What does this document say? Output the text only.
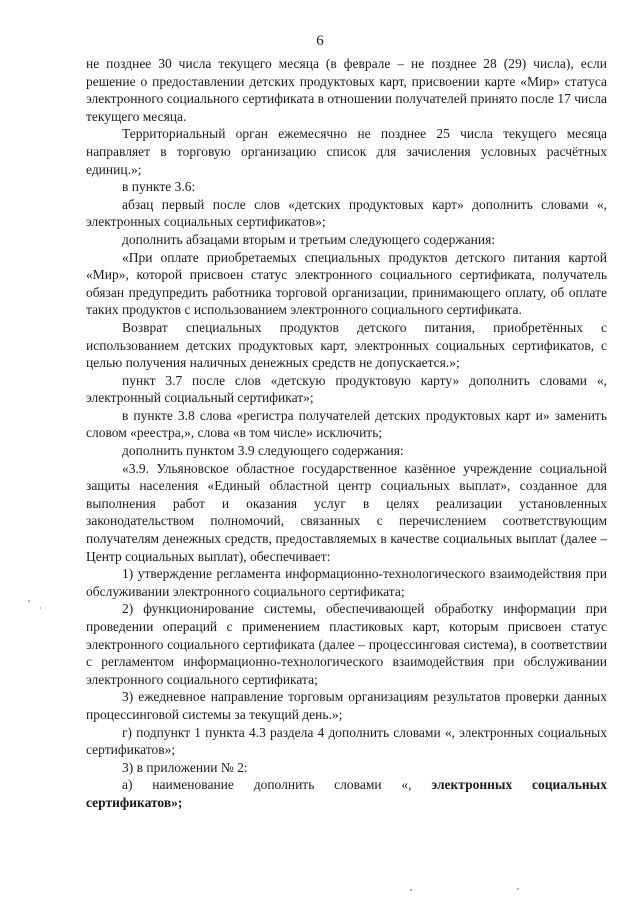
6

не позднее 30 числа текущего месяца (в феврале – не позднее 28 (29) числа), если решение о предоставлении детских продуктовых карт, присвоении карте «Мир» статуса электронного социального сертификата в отношении получателей принято после 17 числа текущего месяца.

Территориальный орган ежемесячно не позднее 25 числа текущего месяца направляет в торговую организацию список для зачисления условных расчётных единиц.»;

в пункте 3.6:

абзац первый после слов «детских продуктовых карт» дополнить словами «, электронных социальных сертификатов»;

дополнить абзацами вторым и третьим следующего содержания:

«При оплате приобретаемых специальных продуктов детского питания картой «Мир», которой присвоен статус электронного социального сертификата, получатель обязан предупредить работника торговой организации, принимающего оплату, об оплате таких продуктов с использованием электронного социального сертификата.

Возврат специальных продуктов детского питания, приобретённых с использованием детских продуктовых карт, электронных социальных сертификатов, с целью получения наличных денежных средств не допускается.»;

пункт 3.7 после слов «детскую продуктовую карту» дополнить словами «, электронный социальный сертификат»;

в пункте 3.8 слова «регистра получателей детских продуктовых карт и» заменить словом «реестра,», слова «в том числе» исключить;

дополнить пунктом 3.9 следующего содержания:

«3.9. Ульяновское областное государственное казённое учреждение социальной защиты населения «Единый областной центр социальных выплат», созданное для выполнения работ и оказания услуг в целях реализации установленных законодательством полномочий, связанных с перечислением соответствующим получателям денежных средств, предоставляемых в качестве социальных выплат (далее – Центр социальных выплат), обеспечивает:

1) утверждение регламента информационно-технологического взаимодействия при обслуживании электронного социального сертификата;

2) функционирование системы, обеспечивающей обработку информации при проведении операций с применением пластиковых карт, которым присвоен статус электронного социального сертификата (далее – процессинговая система), в соответствии с регламентом информационно-технологического взаимодействия при обслуживании электронного социального сертификата;

3) ежедневное направление торговым организациям результатов проверки данных процессинговой системы за текущий день.»;

г) подпункт 1 пункта 4.3 раздела 4 дополнить словами «, электронных социальных сертификатов»;

3) в приложении № 2:

а) наименование дополнить словами «, электронных социальных сертификатов»;
